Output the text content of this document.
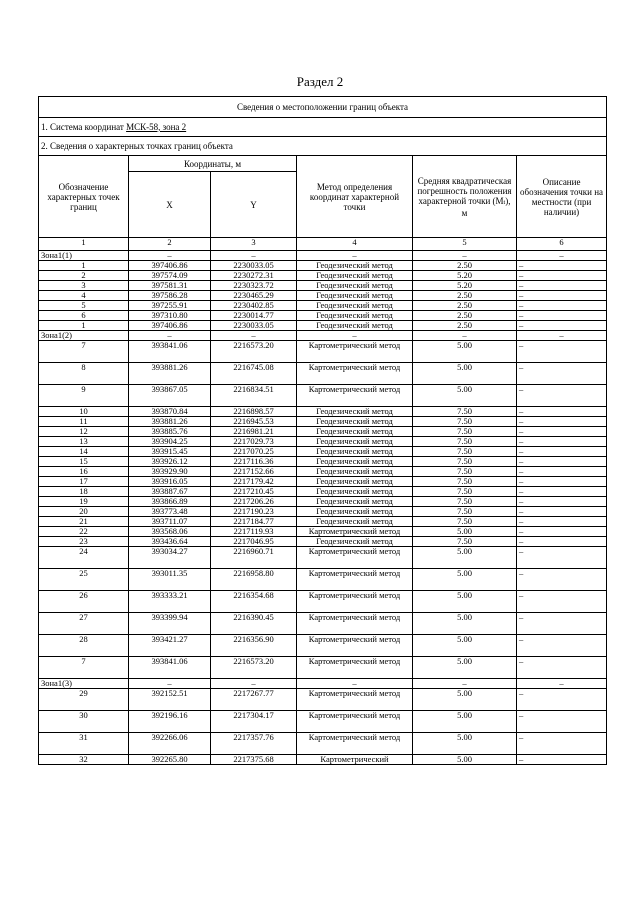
Раздел 2
Сведения о местоположении границ объекта					
1. Система координат МСК-58, зона 2					
2. Сведения о характерных точках границ объекта					
Обозначение характерных точек границ	Координаты, м		Метод определения координат характерной точки	Средняя квадратическая погрешность положения характерной точки (Mt), м	Описание обозначения точки на местности (при наличии)
	X	Y			
1	2	3	4	5	6
Зона1(1)	–	–	–	–	–
1	397406.86	2230033.05	Геодезический метод	2.50	–
2	397574.09	2230272.31	Геодезический метод	5.20	–
3	397581.31	2230323.72	Геодезический метод	5.20	–
4	397586.28	2230465.29	Геодезический метод	2.50	–
5	397255.91	2230402.85	Геодезический метод	2.50	–
6	397310.80	2230014.77	Геодезический метод	2.50	–
1	397406.86	2230033.05	Геодезический метод	2.50	–
Зона1(2)	–	–	–	–	–
7	393841.06	2216573.20	Картометрический метод	5.00	–
8	393881.26	2216745.08	Картометрический метод	5.00	–
9	393867.05	2216834.51	Картометрический метод	5.00	–
10	393870.84	2216898.57	Геодезический метод	7.50	–
11	393881.26	2216945.53	Геодезический метод	7.50	–
12	393885.76	2216981.21	Геодезический метод	7.50	–
13	393904.25	2217029.73	Геодезический метод	7.50	–
14	393915.45	2217070.25	Геодезический метод	7.50	–
15	393926.12	2217116.36	Геодезический метод	7.50	–
16	393929.90	2217152.66	Геодезический метод	7.50	–
17	393916.05	2217179.42	Геодезический метод	7.50	–
18	393887.67	2217210.45	Геодезический метод	7.50	–
19	393866.89	2217206.26	Геодезический метод	7.50	–
20	393773.48	2217190.23	Геодезический метод	7.50	–
21	393711.07	2217184.77	Геодезический метод	7.50	–
22	393568.06	2217119.93	Картометрический метод	5.00	–
23	393436.64	2217046.95	Геодезический метод	7.50	–
24	393034.27	2216960.71	Картометрический метод	5.00	–
25	393011.35	2216958.80	Картометрический метод	5.00	–
26	393333.21	2216354.68	Картометрический метод	5.00	–
27	393399.94	2216390.45	Картометрический метод	5.00	–
28	393421.27	2216356.90	Картометрический метод	5.00	–
7	393841.06	2216573.20	Картометрический метод	5.00	–
Зона1(3)	–	–	–	–	–
29	392152.51	2217267.77	Картометрический метод	5.00	–
30	392196.16	2217304.17	Картометрический метод	5.00	–
31	392266.06	2217357.76	Картометрический метод	5.00	–
32	392265.80	2217375.68	Картометрический	5.00	–
